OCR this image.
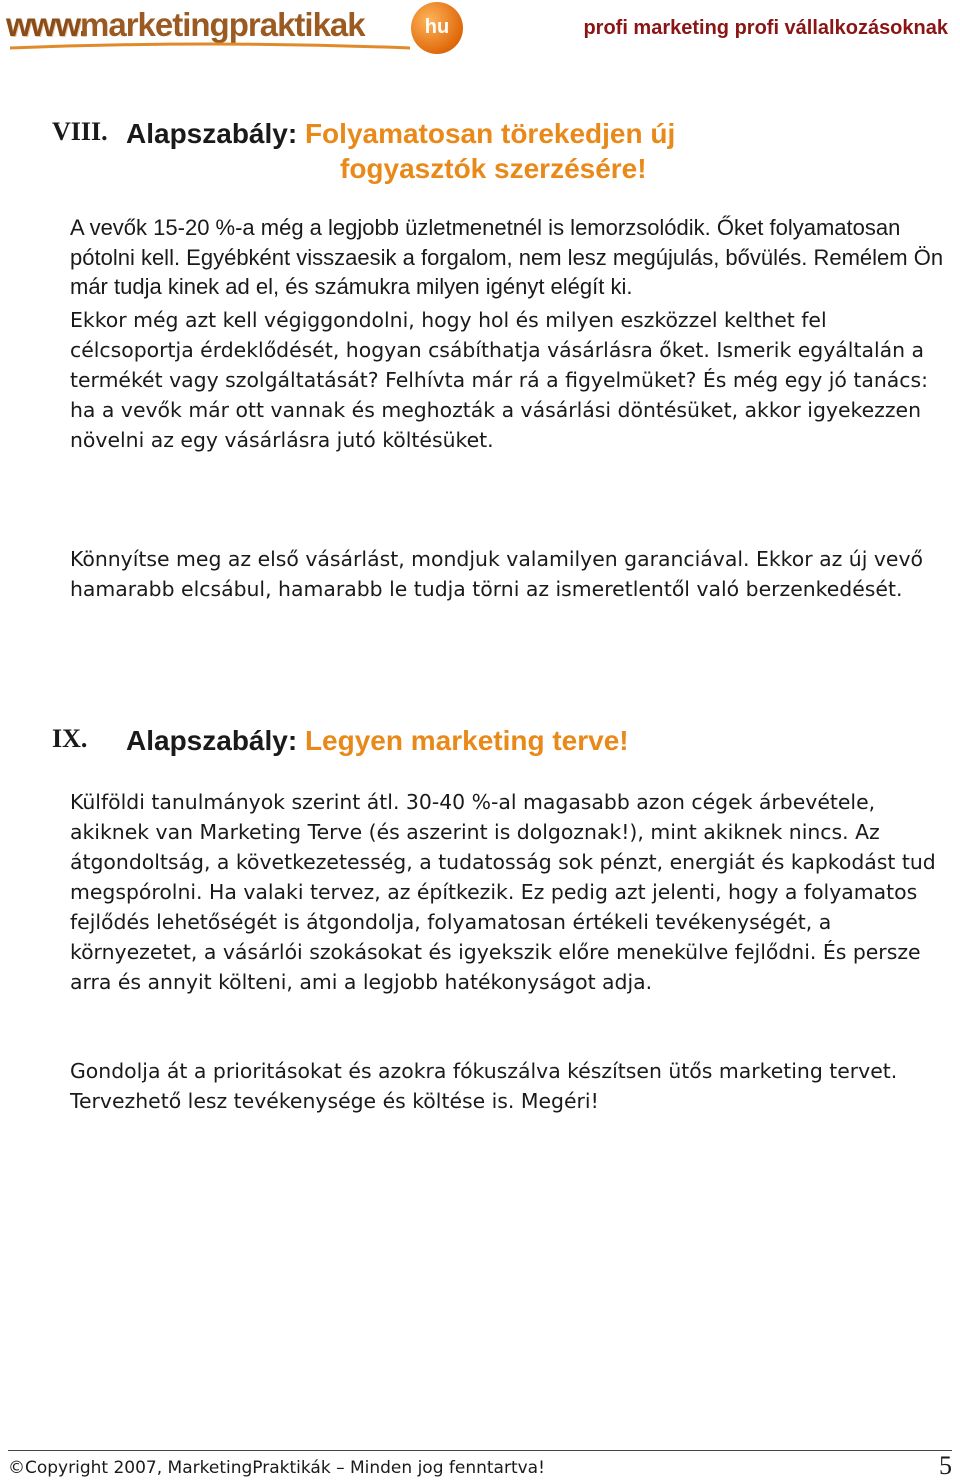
www.
marketingpraktikak	hu	profi marketing profi vállalkozásoknak
VIII. Alapszabály: Folyamatosan törekedjen új
fogyasztók szerzésére!

A vevők 15-20 %-a még a legjobb üzletmenetnél is lemorzsolódik. Őket folyamatosan pótolni kell. Egyébként visszaesik a forgalom, nem lesz megújulás, bővülés. Remélem Ön már tudja kinek ad el, és számukra milyen igényt elégít ki.

Ekkor még azt kell végiggondolni, hogy hol és milyen eszközzel kelthet fel célcsoportja érdeklődését, hogyan csábíthatja vásárlásra őket. Ismerik egyáltalán a termékét vagy szolgáltatását? Felhívta már rá a figyelmüket? És még egy jó tanács: ha a vevők már ott vannak és meghozták a vásárlási döntésüket, akkor igyekezzen növelni az egy vásárlásra jutó költésüket.

Könnyítse meg az első vásárlást, mondjuk valamilyen garanciával. Ekkor az új vevő hamarabb elcsábul, hamarabb le tudja törni az ismeretlentől való berzenkedését.

IX. Alapszabály: Legyen marketing terve!

Külföldi tanulmányok szerint átl. 30-40 %-al magasabb azon cégek árbevétele, akiknek van Marketing Terve (és aszerint is dolgoznak!), mint akiknek nincs. Az átgondoltság, a következetesség, a tudatosság sok pénzt, energiát és kapkodást tud megspórolni. Ha valaki tervez, az építkezik. Ez pedig azt jelenti, hogy a folyamatos fejlődés lehetőségét is átgondolja, folyamatosan értékeli tevékenységét, a környezetet, a vásárlói szokásokat és igyekszik előre menekülve fejlődni. És persze arra és annyit költeni, ami a legjobb hatékonyságot adja.

Gondolja át a prioritásokat és azokra fókuszálva készítsen ütős marketing tervet. Tervezhető lesz tevékenysége és költése is. Megéri!

©Copyright 2007, MarketingPraktikák – Minden jog fenntartva!	5
